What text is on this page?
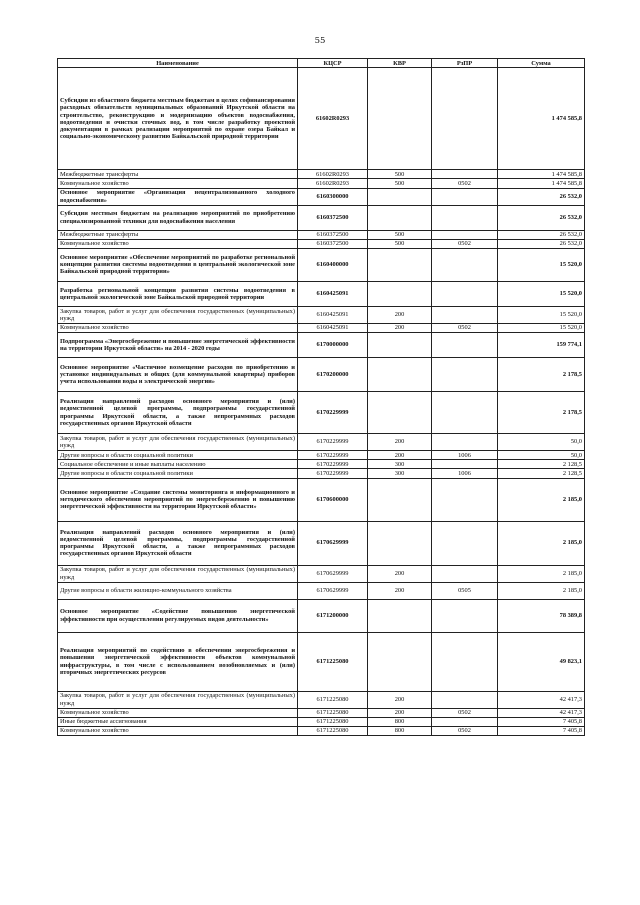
55
Наименование	КЦСР	КВР	РзПР	Сумма
Субсидии из областного бюджета местным бюджетам в целях софинансирования расходных обязательств муниципальных образований Иркутской области на строительство, реконструкцию и модернизацию объектов водоснабжения, водоотведения и очистки сточных вод, в том числе разработку проектной документации в рамках реализации мероприятий по охране озера Байкал и социально-экономическому развитию Байкальской природной территории	61602R0293			1 474 585,8
Межбюджетные трансферты	61602R0293	500		1 474 585,8
Коммунальное хозяйство	61602R0293	500	0502	1 474 585,8
Основное мероприятие «Организация нецентрализованного холодного водоснабжения»	6160300000			26 532,0
Субсидии местным бюджетам на реализацию мероприятий по приобретению специализированной техники для водоснабжения населения	6160372500			26 532,0
Межбюджетные трансферты	6160372500	500		26 532,0
Коммунальное хозяйство	6160372500	500	0502	26 532,0
Основное мероприятие «Обеспечение мероприятий по разработке региональной концепции развития системы водоотведения в центральной экологической зоне Байкальской природной территории»	6160400000			15 520,0
Разработка региональной концепции развития системы водоотведения в центральной экологической зоне Байкальской природной территории	6160425091			15 520,0
Закупка товаров, работ и услуг для обеспечения государственных (муниципальных) нужд	6160425091	200		15 520,0
Коммунальное хозяйство	6160425091	200	0502	15 520,0
Подпрограмма «Энергосбережение и повышение энергетической эффективности на территории Иркутской области» на 2014 - 2020 годы	6170000000			159 774,1
Основное мероприятие «Частичное возмещение расходов по приобретению и установке индивидуальных и общих (для коммунальной квартиры) приборов учета использования воды и электрической энергии»	6170200000			2 178,5
Реализация направлений расходов основного мероприятия и (или) ведомственной целевой программы, подпрограммы государственной программы Иркутской области, а также непрограммных расходов государственных органов Иркутской области	6170229999			2 178,5
Закупка товаров, работ и услуг для обеспечения государственных (муниципальных) нужд	6170229999	200		50,0
Другие вопросы в области социальной политики	6170229999	200	1006	50,0
Социальное обеспечение и иные выплаты населению	6170229999	300		2 128,5
Другие вопросы в области социальной политики	6170229999	300	1006	2 128,5
Основное мероприятие «Создание системы мониторинга и информационного и методического обеспечения мероприятий по энергосбережению и повышению энергетической эффективности на территории Иркутской области»	6170600000			2 185,0
Реализация направлений расходов основного мероприятия и (или) ведомственной целевой программы, подпрограммы государственной программы Иркутской области, а также непрограммных расходов государственных органов Иркутской области	6170629999			2 185,0
Закупка товаров, работ и услуг для обеспечения государственных (муниципальных) нужд	6170629999	200		2 185,0
Другие вопросы в области жилищно-коммунального хозяйства	6170629999	200	0505	2 185,0
Основное мероприятие «Содействие повышению энергетической эффективности при осуществлении регулируемых видов деятельности»	6171200000			78 389,8
Реализация мероприятий по содействию в обеспечении энергосбережения и повышения энергетической эффективности объектов коммунальной инфраструктуры, в том числе с использованием возобновляемых и (или) вторичных энергетических ресурсов	6171225080			49 823,1
Закупка товаров, работ и услуг для обеспечения государственных (муниципальных) нужд	6171225080	200		42 417,3
Коммунальное хозяйство	6171225080	200	0502	42 417,3
Иные бюджетные ассигнования	6171225080	800		7 405,8
Коммунальное хозяйство	6171225080	800	0502	7 405,8
